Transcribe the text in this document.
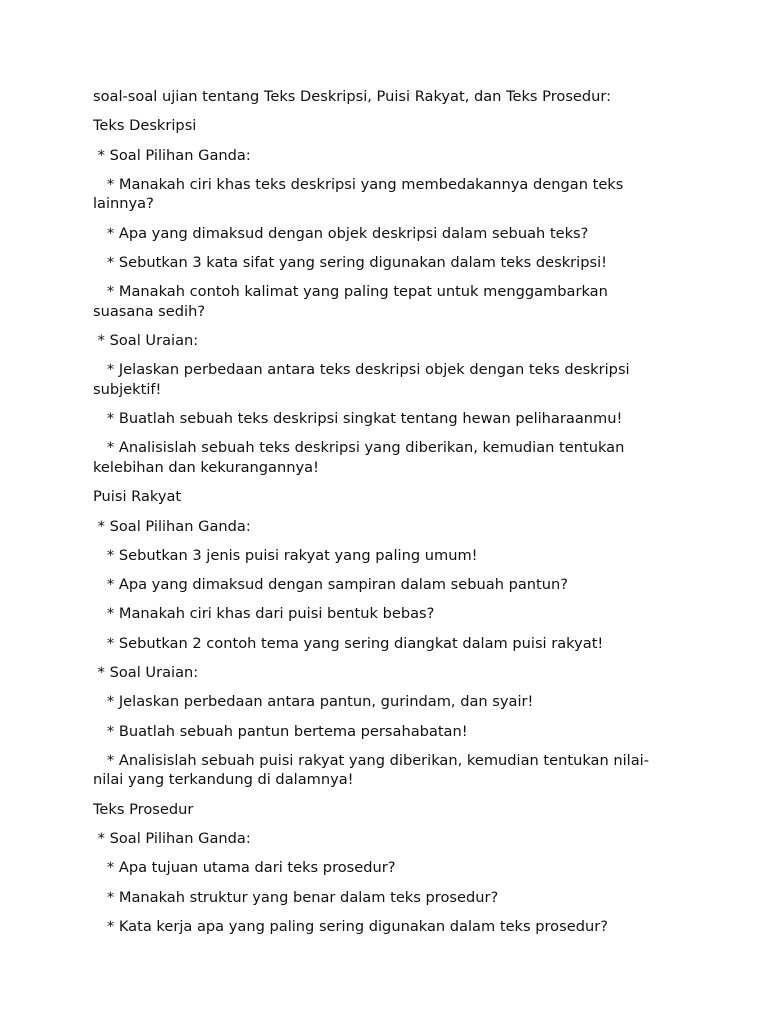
soal-soal ujian tentang Teks Deskripsi, Puisi Rakyat, dan Teks Prosedur:

Teks Deskripsi

* Soal Pilihan Ganda:

* Manakah ciri khas teks deskripsi yang membedakannya dengan teks lainnya?

* Apa yang dimaksud dengan objek deskripsi dalam sebuah teks?

* Sebutkan 3 kata sifat yang sering digunakan dalam teks deskripsi!

* Manakah contoh kalimat yang paling tepat untuk menggambarkan suasana sedih?

* Soal Uraian:

* Jelaskan perbedaan antara teks deskripsi objek dengan teks deskripsi subjektif!

* Buatlah sebuah teks deskripsi singkat tentang hewan peliharaanmu!

* Analisislah sebuah teks deskripsi yang diberikan, kemudian tentukan kelebihan dan kekurangannya!

Puisi Rakyat

* Soal Pilihan Ganda:

* Sebutkan 3 jenis puisi rakyat yang paling umum!

* Apa yang dimaksud dengan sampiran dalam sebuah pantun?

* Manakah ciri khas dari puisi bentuk bebas?

* Sebutkan 2 contoh tema yang sering diangkat dalam puisi rakyat!

* Soal Uraian:

* Jelaskan perbedaan antara pantun, gurindam, dan syair!

* Buatlah sebuah pantun bertema persahabatan!

* Analisislah sebuah puisi rakyat yang diberikan, kemudian tentukan nilai-nilai yang terkandung di dalamnya!

Teks Prosedur

* Soal Pilihan Ganda:

* Apa tujuan utama dari teks prosedur?

* Manakah struktur yang benar dalam teks prosedur?

* Kata kerja apa yang paling sering digunakan dalam teks prosedur?
